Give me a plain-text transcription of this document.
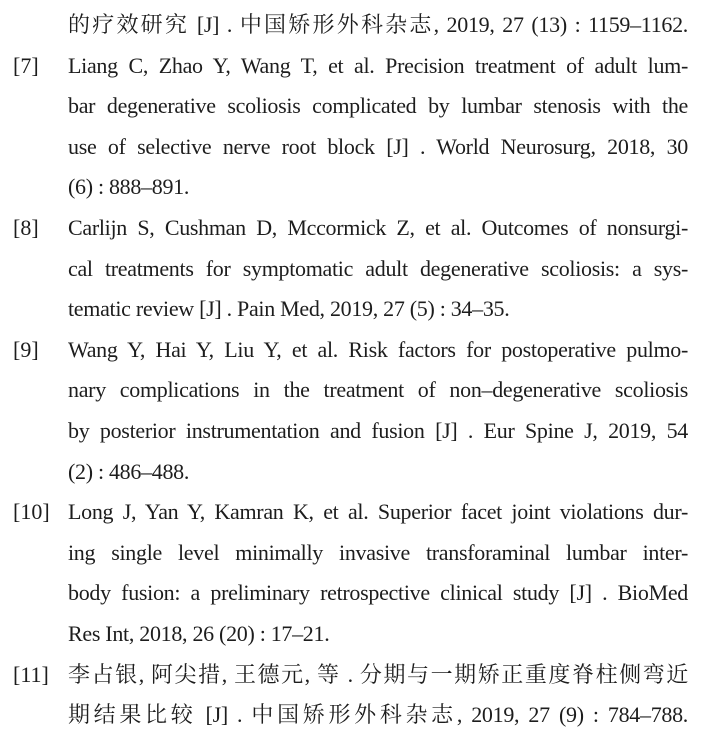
的疗效研究 [J] . 中国矫形外科杂志, 2019, 27 (13) : 1159–1162.
[7]	Liang C, Zhao Y, Wang T, et al. Precision treatment of adult lum-
bar degenerative scoliosis complicated by lumbar stenosis with the
use of selective nerve root block [J] . World Neurosurg, 2018, 30
(6) : 888–891.
[8]	Carlijn S, Cushman D, Mccormick Z, et al. Outcomes of nonsurgi-
cal treatments for symptomatic adult degenerative scoliosis: a sys-
tematic review [J] . Pain Med, 2019, 27 (5) : 34–35.
[9]	Wang Y, Hai Y, Liu Y, et al. Risk factors for postoperative pulmo-
nary complications in the treatment of non–degenerative scoliosis
by posterior instrumentation and fusion [J] . Eur Spine J, 2019, 54
(2) : 486–488.
[10] Long J, Yan Y, Kamran K, et al. Superior facet joint violations dur-
ing single level minimally invasive transforaminal lumbar inter-
body fusion: a preliminary retrospective clinical study [J] . BioMed
Res Int, 2018, 26 (20) : 17–21.
[11] 李占银, 阿尖措, 王德元, 等 . 分期与一期矫正重度脊柱侧弯近
期结果比较 [J] . 中国矫形外科杂志, 2019, 27 (9) : 784–788.
